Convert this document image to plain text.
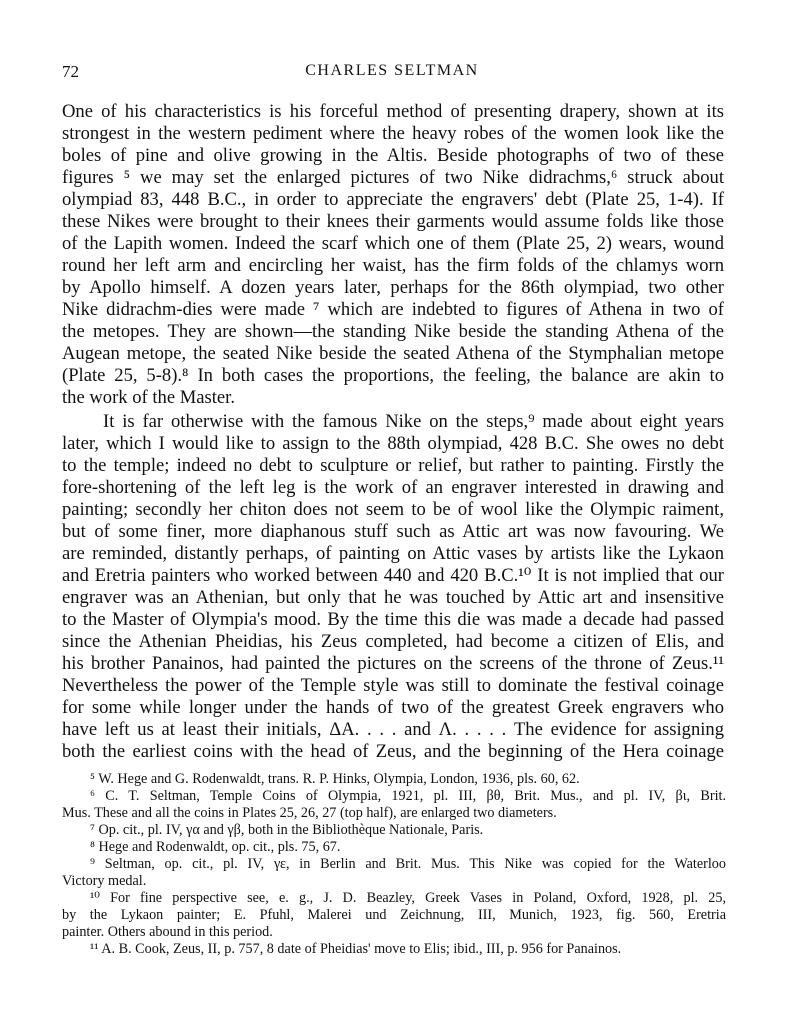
72	CHARLES SELTMAN
One of his characteristics is his forceful method of presenting drapery, shown at its
strongest in the western pediment where the heavy robes of the women look like the
boles of pine and olive growing in the Altis. Beside photographs of two of these
figures ⁵ we may set the enlarged pictures of two Nike didrachms,⁶ struck about
olympiad 83, 448 B.C., in order to appreciate the engravers' debt (Plate 25, 1-4). If
these Nikes were brought to their knees their garments would assume folds like those
of the Lapith women. Indeed the scarf which one of them (Plate 25, 2) wears, wound
round her left arm and encircling her waist, has the firm folds of the chlamys worn
by Apollo himself. A dozen years later, perhaps for the 86th olympiad, two other
Nike didrachm-dies were made ⁷ which are indebted to figures of Athena in two of
the metopes. They are shown—the standing Nike beside the standing Athena of the
Augean metope, the seated Nike beside the seated Athena of the Stymphalian metope
(Plate 25, 5-8).⁸ In both cases the proportions, the feeling, the balance are akin to
the work of the Master.
It is far otherwise with the famous Nike on the steps,⁹ made about eight years
later, which I would like to assign to the 88th olympiad, 428 B.C. She owes no debt
to the temple; indeed no debt to sculpture or relief, but rather to painting. Firstly the
fore-shortening of the left leg is the work of an engraver interested in drawing and
painting; secondly her chiton does not seem to be of wool like the Olympic raiment,
but of some finer, more diaphanous stuff such as Attic art was now favouring. We
are reminded, distantly perhaps, of painting on Attic vases by artists like the Lykaon
and Eretria painters who worked between 440 and 420 B.C.¹⁰ It is not implied that our
engraver was an Athenian, but only that he was touched by Attic art and insensitive
to the Master of Olympia's mood. By the time this die was made a decade had passed
since the Athenian Pheidias, his Zeus completed, had become a citizen of Elis, and
his brother Panainos, had painted the pictures on the screens of the throne of Zeus.¹¹
Nevertheless the power of the Temple style was still to dominate the festival coinage
for some while longer under the hands of two of the greatest Greek engravers who
have left us at least their initials, ΔA. . . . and Λ. . . . . The evidence for assigning
both the earliest coins with the head of Zeus, and the beginning of the Hera coinage
⁵ W. Hege and G. Rodenwaldt, trans. R. P. Hinks, Olympia, London, 1936, pls. 60, 62.
⁶ C. T. Seltman, Temple Coins of Olympia, 1921, pl. III, βθ, Brit. Mus., and pl. IV, βι, Brit.
Mus. These and all the coins in Plates 25, 26, 27 (top half), are enlarged two diameters.
⁷ Op. cit., pl. IV, γα and γβ, both in the Bibliothèque Nationale, Paris.
⁸ Hege and Rodenwaldt, op. cit., pls. 75, 67.
⁹ Seltman, op. cit., pl. IV, γε, in Berlin and Brit. Mus. This Nike was copied for the Waterloo
Victory medal.
¹⁰ For fine perspective see, e. g., J. D. Beazley, Greek Vases in Poland, Oxford, 1928, pl. 25,
by the Lykaon painter; E. Pfuhl, Malerei und Zeichnung, III, Munich, 1923, fig. 560, Eretria
painter. Others abound in this period.
¹¹ A. B. Cook, Zeus, II, p. 757, 8 date of Pheidias' move to Elis; ibid., III, p. 956 for Panainos.
